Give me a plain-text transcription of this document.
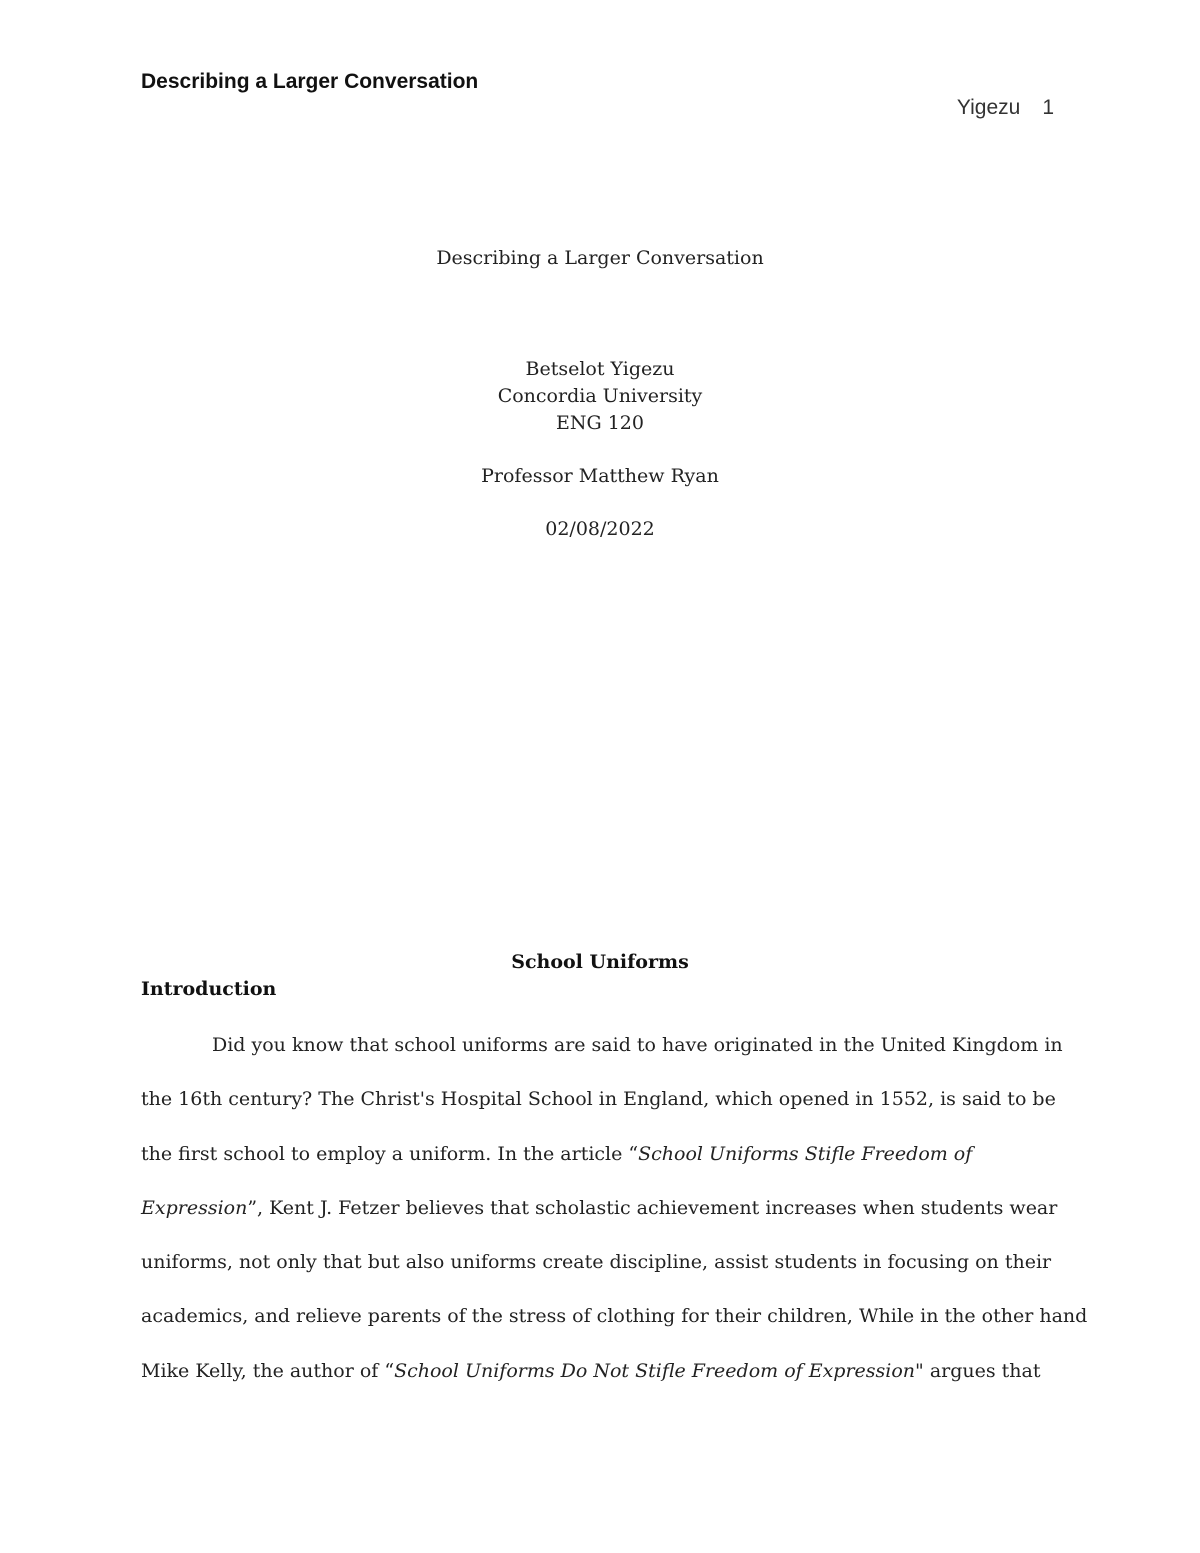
Describing a Larger Conversation
Yigezu 1
Describing a Larger Conversation
Betselot Yigezu
Concordia University
ENG 120
Professor Matthew Ryan
02/08/2022
School Uniforms
Introduction
Did you know that school uniforms are said to have originated in the United Kingdom in
the 16th century? The Christ's Hospital School in England, which opened in 1552, is said to be
the first school to employ a uniform. In the article “School Uniforms Stifle Freedom of
Expression”, Kent J. Fetzer believes that scholastic achievement increases when students wear
uniforms, not only that but also uniforms create discipline, assist students in focusing on their
academics, and relieve parents of the stress of clothing for their children, While in the other hand
Mike Kelly, the author of “School Uniforms Do Not Stifle Freedom of Expression" argues that
